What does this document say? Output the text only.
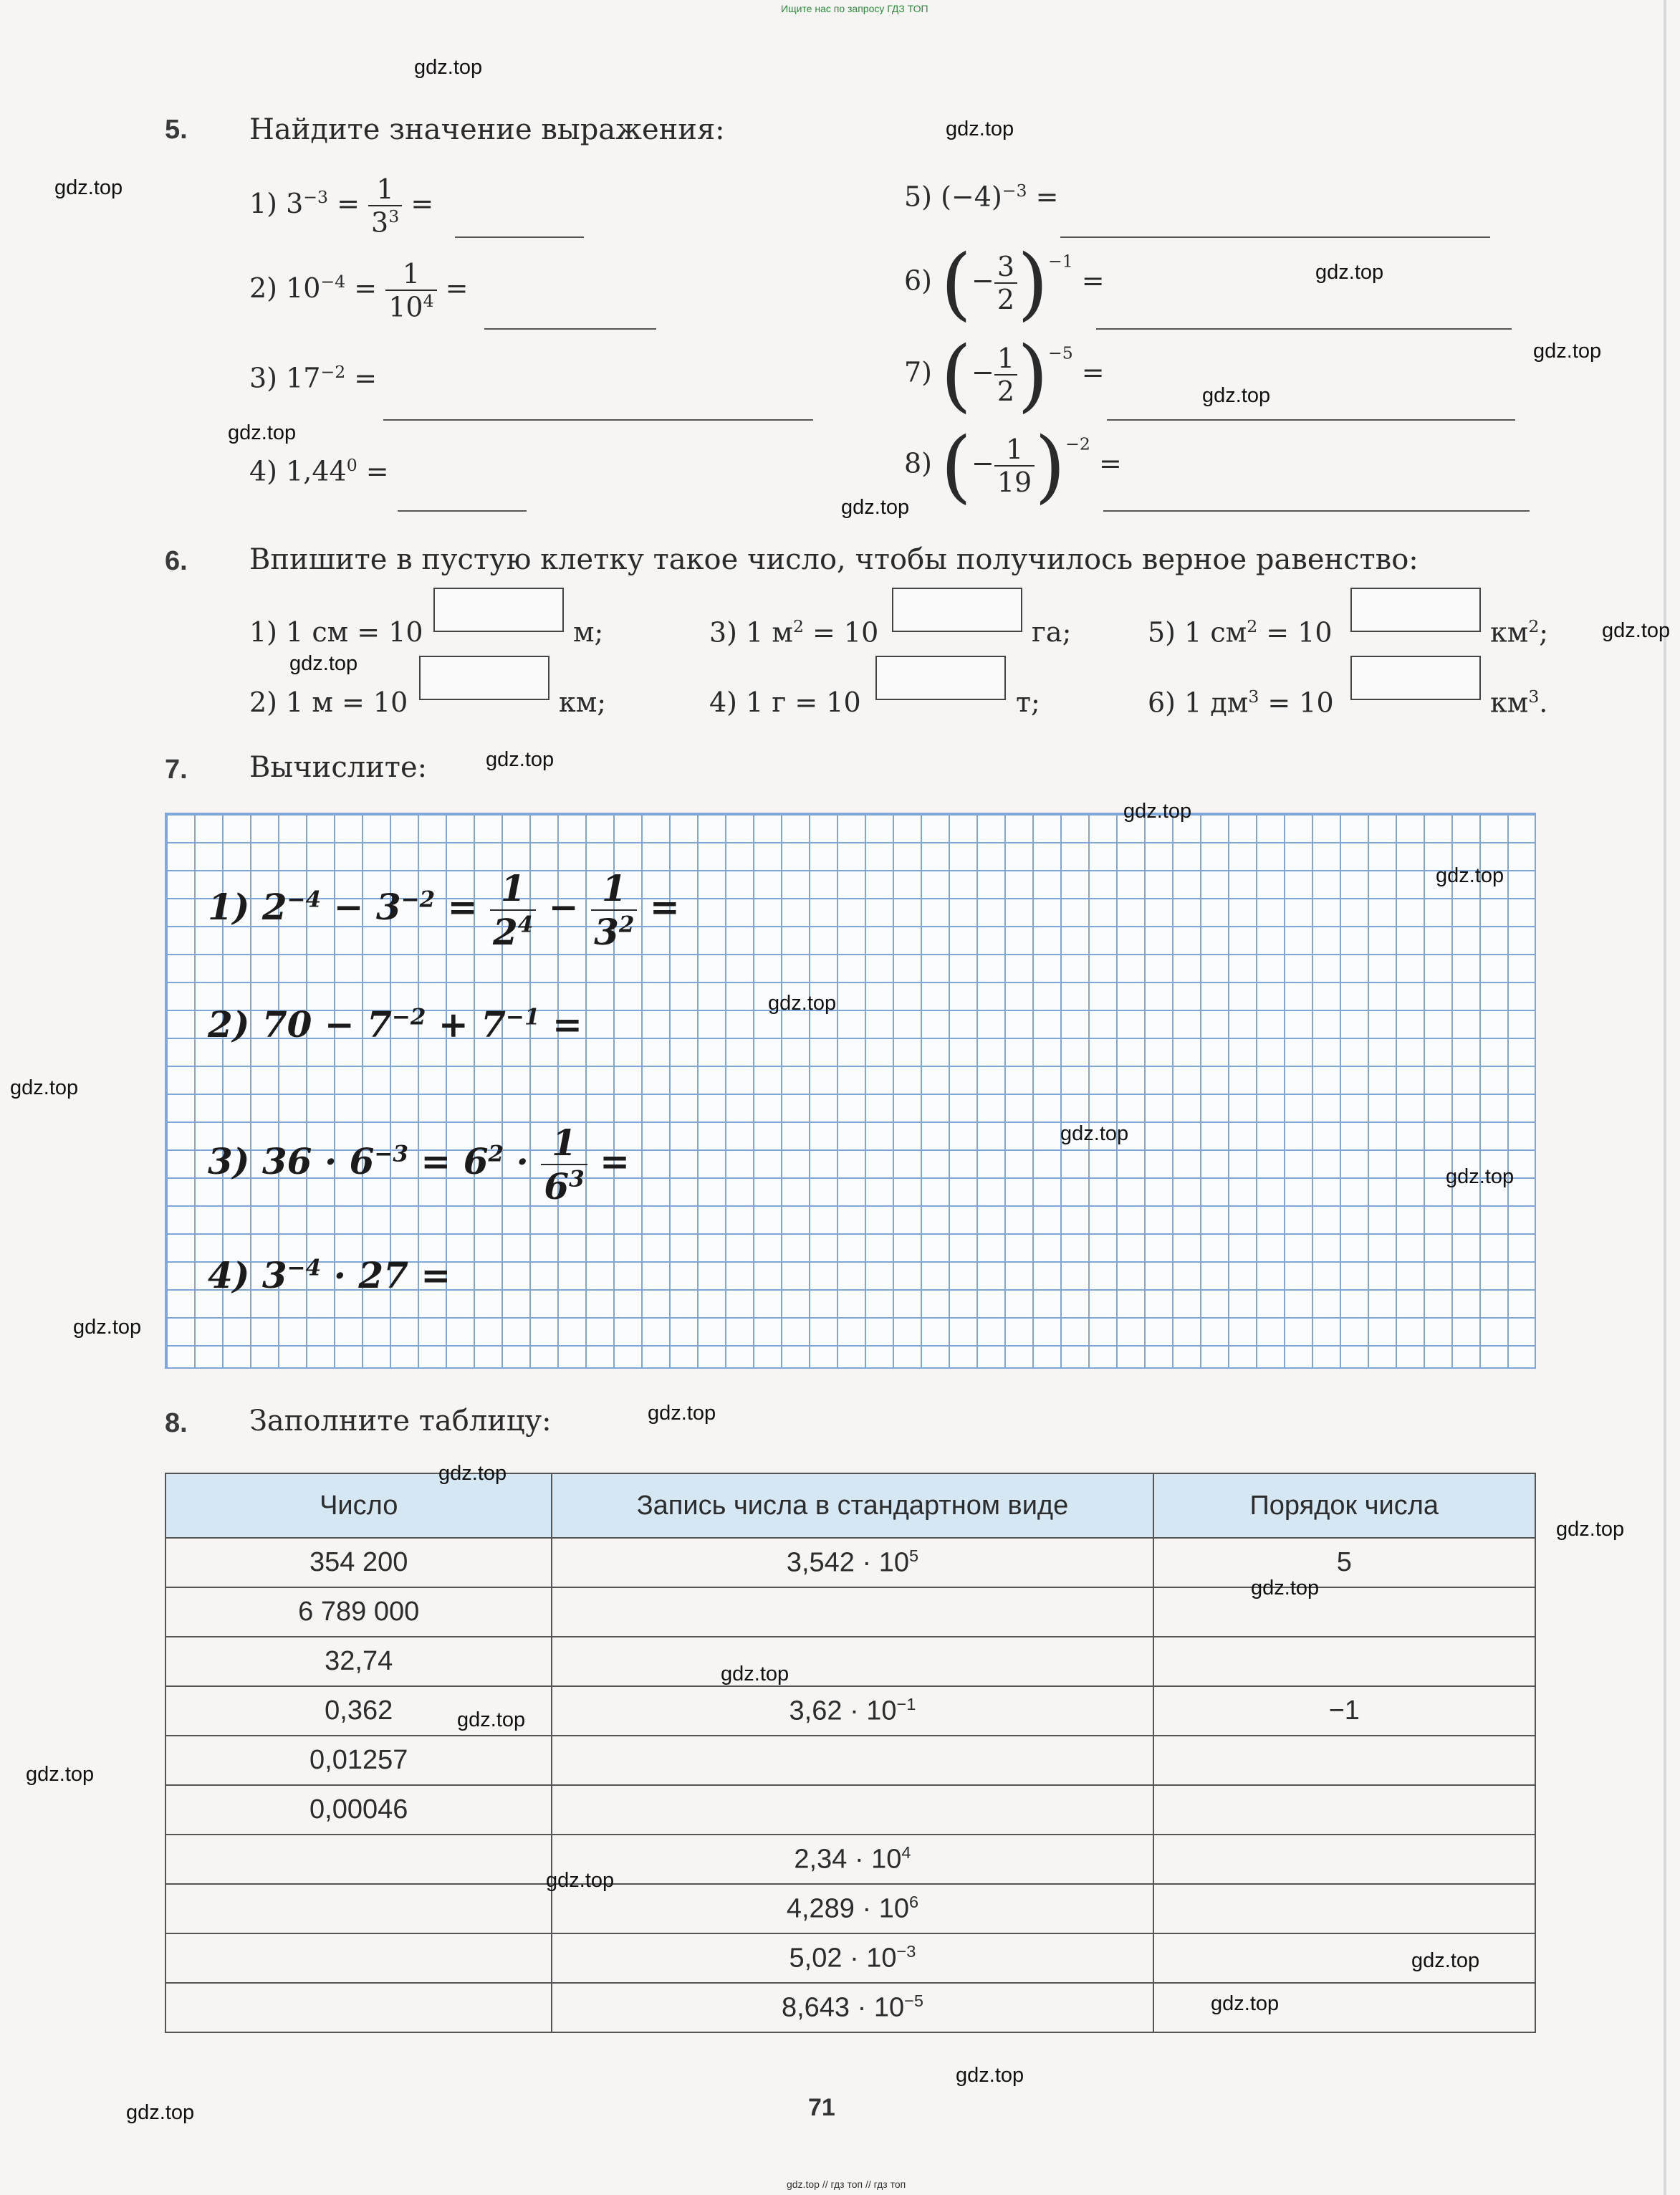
Ищите нас по запросу ГДЗ ТОП
5. Найдите значение выражения:
1) $3^{-3} = \frac{1}{3^3}$ =
2) $10^{-4} = \frac{1}{10^4}$ =
3) $17^{-2}$ =
4) $1,44^0$ =
5) $(-4)^{-3}$ =
6) (− $\frac{3}{2} )^{-1}$ =
7) (− $\frac{1}{2} )^{-5}$ =
8) (− $\frac{1}{19} )^{-2}$ =
6. Впишите в пустую клетку такое число, чтобы получилось верное равенство:
1) 1 см = 10	м;
2) 1 м = 10	км;
3) 1 $м^2 = 10$	га;
4) 1 г = 10	т;
5) 1 $см^2 = 10$	$км^2$;
6) 1 $дм^3 = 10$	$км^3$.
7. Вычислите:
1) $2^{-4} - 3^{-2} = \frac{1}{2^4} - \frac{1}{3^2}$ =
2) $70 - 7^{-2} + 7^{-1}$ =
3) $36 \cdot 6^{-3} = 6^2 \cdot \frac{1}{6^3}$ =
4) $3^{-4} \cdot 27$ =
8. Заполните таблицу:
Число	Запись числа в стандартном виде	Порядок числа
354 200	$3,542 \cdot 10^5$	5
6 789 000		
32,74		
0,362	$3,62 \cdot 10^{-1}$	−1
0,01257		
0,00046		
	$2,34 \cdot 10^4$	
	$4,289 \cdot 10^6$	
	$5,02 \cdot 10^{-3}$	
	$8,643 \cdot 10^{-5}$	
71
gdz.top // гдз топ // гдз топ
gdz.top
gdz.top
gdz.top
gdz.top
gdz.top
gdz.top
gdz.top
gdz.top
gdz.top
gdz.top
gdz.top
gdz.top
gdz.top
gdz.top
gdz.top
gdz.top
gdz.top
gdz.top
gdz.top
gdz.top
gdz.top
gdz.top
gdz.top
gdz.top
gdz.top
gdz.top
gdz.top
gdz.top
gdz.top
gdz.top
